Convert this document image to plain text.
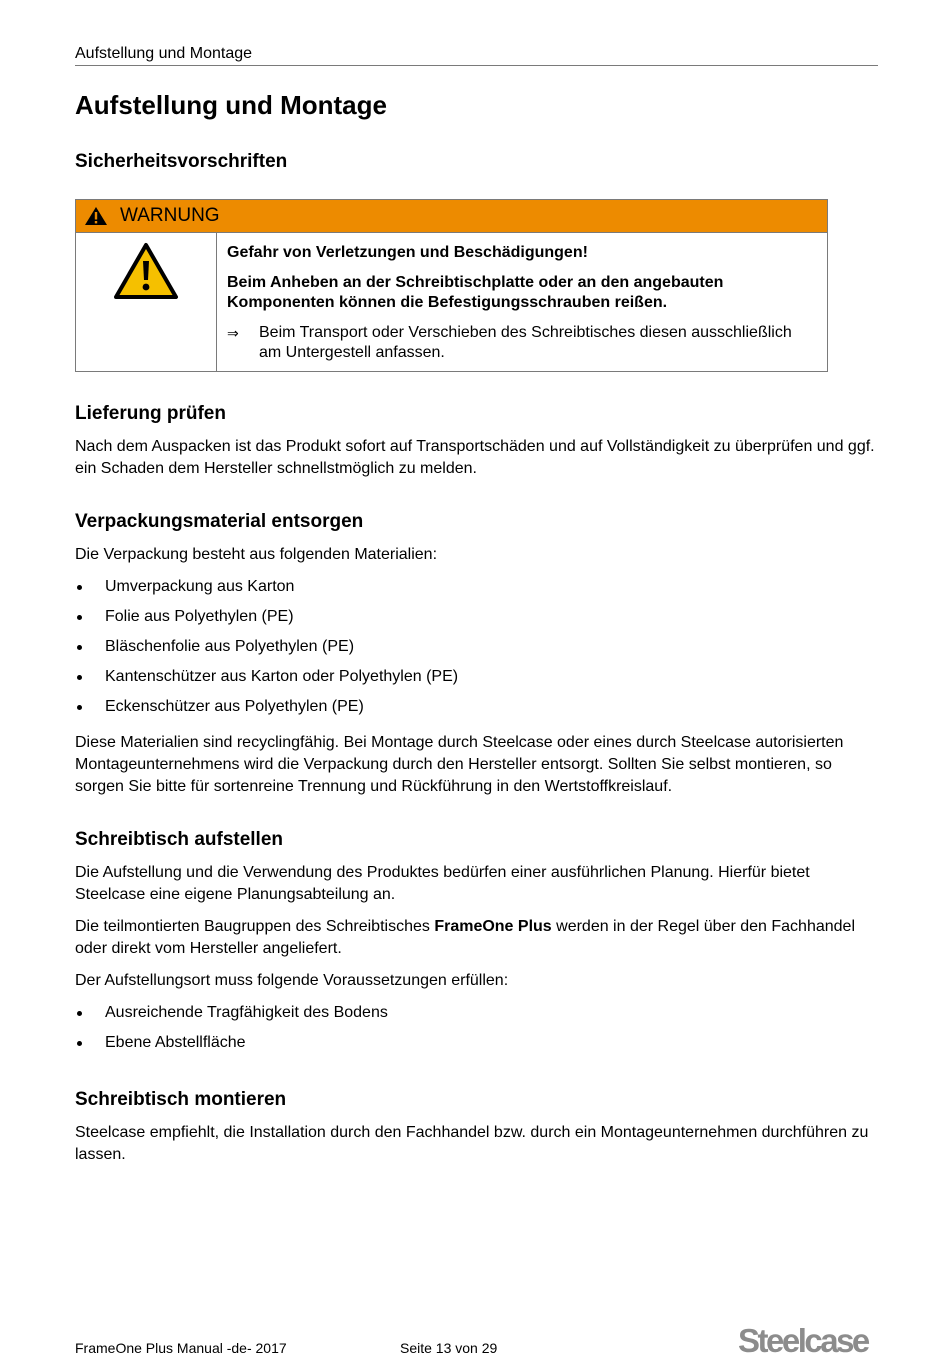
Aufstellung und Montage
Aufstellung und Montage
Sicherheitsvorschriften
WARNUNG
Gefahr von Verletzungen und Beschädigungen!
Beim Anheben an der Schreibtischplatte oder an den angebauten Komponenten können die Befestigungsschrauben reißen.
⇒	Beim Transport oder Verschieben des Schreibtisches diesen ausschließlich am Untergestell anfassen.
Lieferung prüfen

Nach dem Auspacken ist das Produkt sofort auf Transportschäden und auf Vollständigkeit zu überprüfen und ggf. ein Schaden dem Hersteller schnellstmöglich zu melden.

Verpackungsmaterial entsorgen

Die Verpackung besteht aus folgenden Materialien:

Umverpackung aus Karton
Folie aus Polyethylen (PE)
Bläschenfolie aus Polyethylen (PE)
Kantenschützer aus Karton oder Polyethylen (PE)
Eckenschützer aus Polyethylen (PE)

Diese Materialien sind recyclingfähig. Bei Montage durch Steelcase oder eines durch Steelcase autorisierten Montageunternehmens wird die Verpackung durch den Hersteller entsorgt. Sollten Sie selbst montieren, so sorgen Sie bitte für sortenreine Trennung und Rückführung in den Wertstoffkreislauf.

Schreibtisch aufstellen

Die Aufstellung und die Verwendung des Produktes bedürfen einer ausführlichen Planung. Hierfür bietet Steelcase eine eigene Planungsabteilung an.

Die teilmontierten Baugruppen des Schreibtisches FrameOne Plus werden in der Regel über den Fachhandel oder direkt vom Hersteller angeliefert.

Der Aufstellungsort muss folgende Voraussetzungen erfüllen:

Ausreichende Tragfähigkeit des Bodens
Ebene Abstellfläche
Schreibtisch montieren

Steelcase empfiehlt, die Installation durch den Fachhandel bzw. durch ein Montageunternehmen durchführen zu lassen.

FrameOne Plus Manual -de- 2017	Seite 13 von 29	Steelcase
